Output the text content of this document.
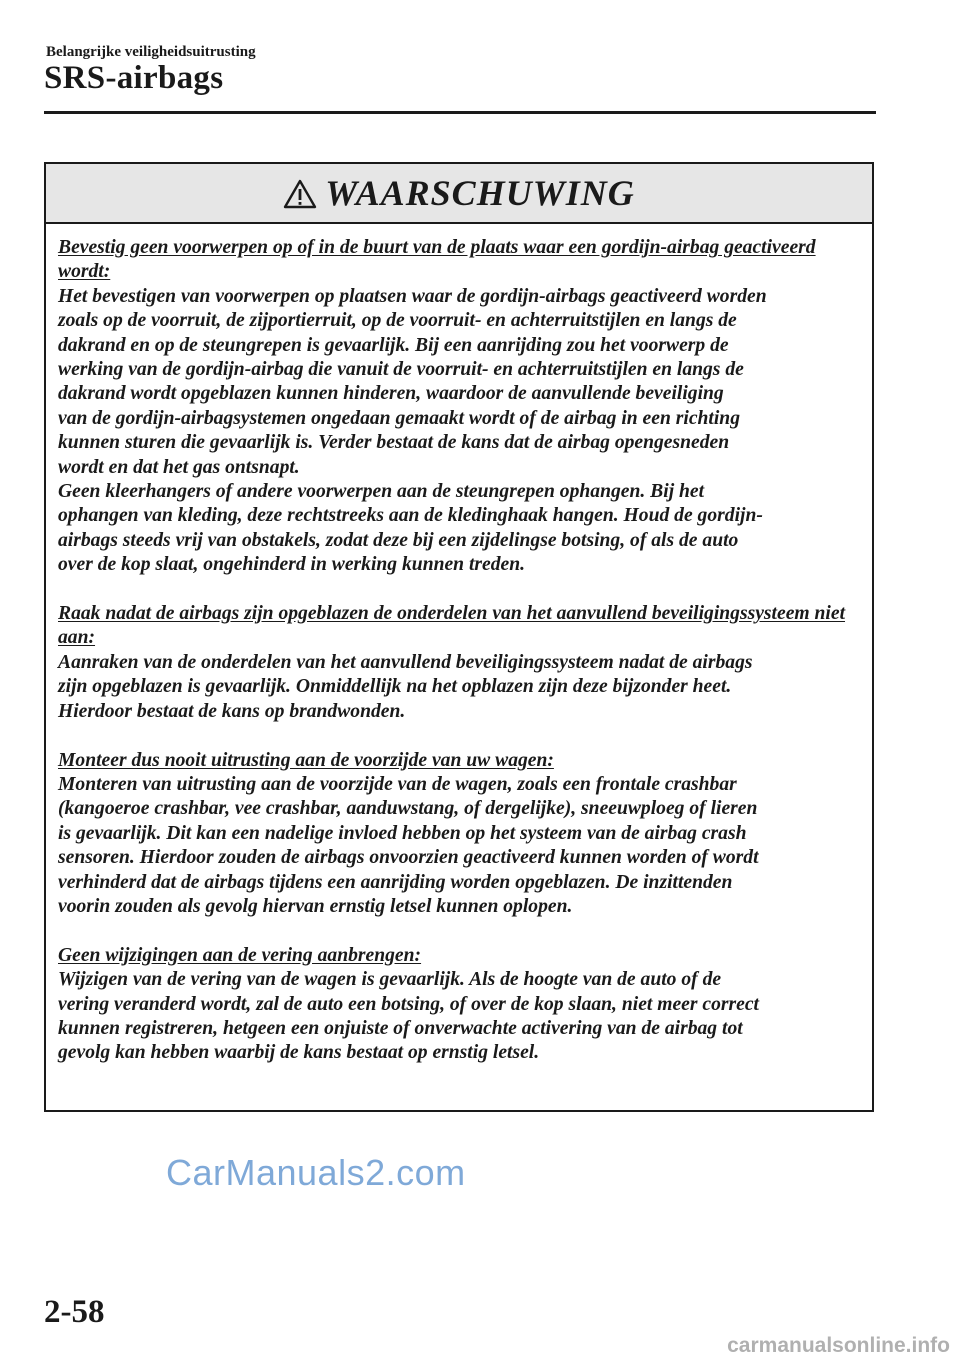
Belangrijke veiligheidsuitrusting
SRS-airbags
WAARSCHUWING
Bevestig geen voorwerpen op of in de buurt van de plaats waar een gordijn-airbag geactiveerd wordt:
Het bevestigen van voorwerpen op plaatsen waar de gordijn-airbags geactiveerd worden
zoals op de voorruit, de zijportierruit, op de voorruit- en achterruitstijlen en langs de
dakrand en op de steungrepen is gevaarlijk. Bij een aanrijding zou het voorwerp de
werking van de gordijn-airbag die vanuit de voorruit- en achterruitstijlen en langs de
dakrand wordt opgeblazen kunnen hinderen, waardoor de aanvullende beveiliging
van de gordijn-airbagsystemen ongedaan gemaakt wordt of de airbag in een richting
kunnen sturen die gevaarlijk is. Verder bestaat de kans dat de airbag opengesneden
wordt en dat het gas ontsnapt.
Geen kleerhangers of andere voorwerpen aan de steungrepen ophangen. Bij het
ophangen van kleding, deze rechtstreeks aan de kledinghaak hangen. Houd de gordijn-
airbags steeds vrij van obstakels, zodat deze bij een zijdelingse botsing, of als de auto
over de kop slaat, ongehinderd in werking kunnen treden.
Raak nadat de airbags zijn opgeblazen de onderdelen van het aanvullend beveiligingssysteem niet aan:
Aanraken van de onderdelen van het aanvullend beveiligingssysteem nadat de airbags
zijn opgeblazen is gevaarlijk. Onmiddellijk na het opblazen zijn deze bijzonder heet.
Hierdoor bestaat de kans op brandwonden.
Monteer dus nooit uitrusting aan de voorzijde van uw wagen:
Monteren van uitrusting aan de voorzijde van de wagen, zoals een frontale crashbar
(kangoeroe crashbar, vee crashbar, aanduwstang, of dergelijke), sneeuwploeg of lieren
is gevaarlijk. Dit kan een nadelige invloed hebben op het systeem van de airbag crash
sensoren. Hierdoor zouden de airbags onvoorzien geactiveerd kunnen worden of wordt
verhinderd dat de airbags tijdens een aanrijding worden opgeblazen. De inzittenden
voorin zouden als gevolg hiervan ernstig letsel kunnen oplopen.
Geen wijzigingen aan de vering aanbrengen:
Wijzigen van de vering van de wagen is gevaarlijk. Als de hoogte van de auto of de
vering veranderd wordt, zal de auto een botsing, of over de kop slaan, niet meer correct
kunnen registreren, hetgeen een onjuiste of onverwachte activering van de airbag tot
gevolg kan hebben waarbij de kans bestaat op ernstig letsel.
CarManuals2.com
2-58
carmanualsonline.info
